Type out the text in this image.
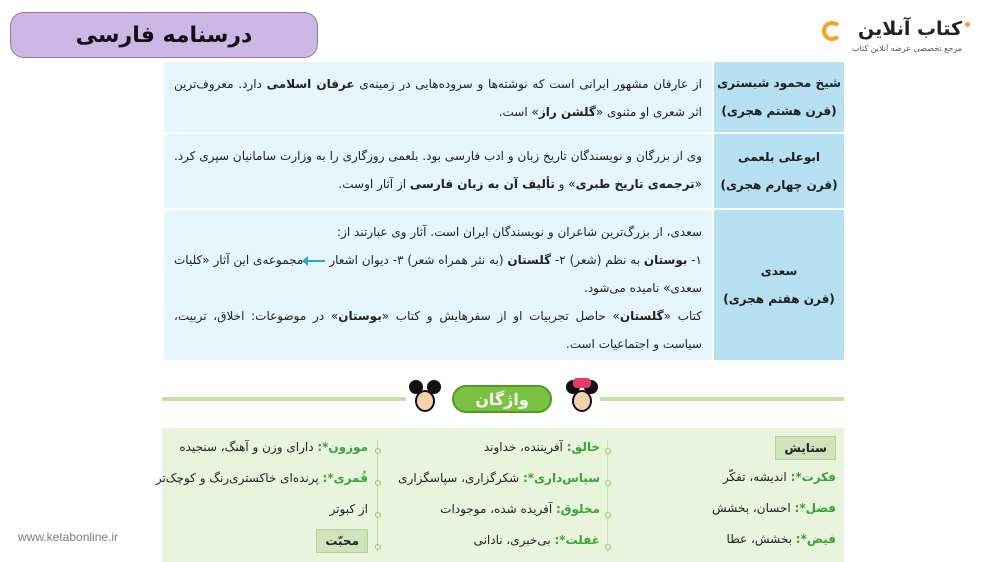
درسنامه فارسی	کتاب آنلاین
مرجع تخصصی عرضه آنلاین کتاب
شیخ محمود شبستری
(قرن هشتم هجری)
از عارفان مشهور ایرانی است که نوشته‌ها و سروده‌هایی در زمینه‌ی عرفان اسلامی دارد. معروف‌ترین اثر شعری او مثنوی «گلشن راز» است.
ابوعلی بلعمی
(قرن چهارم هجری)
وی از بزرگان و نویسندگان تاریخ زبان و ادب فارسی بود. بلعمی روزگاری را به وزارت سامانیان سپری کرد. «ترجمه‌ی تاریخ طبری» و تألیف آن به زبان فارسی از آثار اوست.
سعدی
(قرن هفتم هجری)
سعدی، از بزرگ‌ترین شاعران و نویسندگان ایران است. آثار وی عبارتند از:
۱- بوستان به نظم (شعر) ۲- گلستان (به نثر همراه شعر) ۳- دیوان اشعارمجموعه‌ی این آثار «کلیات سعدی» نامیده می‌شود.
کتاب «گلستان» حاصل تجربیات او از سفرهایش و کتاب «بوستان» در موضوعات: اخلاق، تربیت، سیاست و اجتماعیات است.
واژگان
ستایش
فکرت*: اندیشه، تفکّر
فضل*: احسان، بخشش
فیض*: بخشش، عطا
خالق: آفریننده، خداوند
سپاس‌داری*: شکرگزاری، سپاسگزاری
مخلوق: آفریده شده، موجودات
غفلت*: بی‌خبری، نادانی
موزون*: دارای وزن و آهنگ، سنجیده
قُمری*: پرنده‌ای خاکستری‌رنگ و کوچک‌تر
از کبوتر
محبّت
www.ketabonline.ir
